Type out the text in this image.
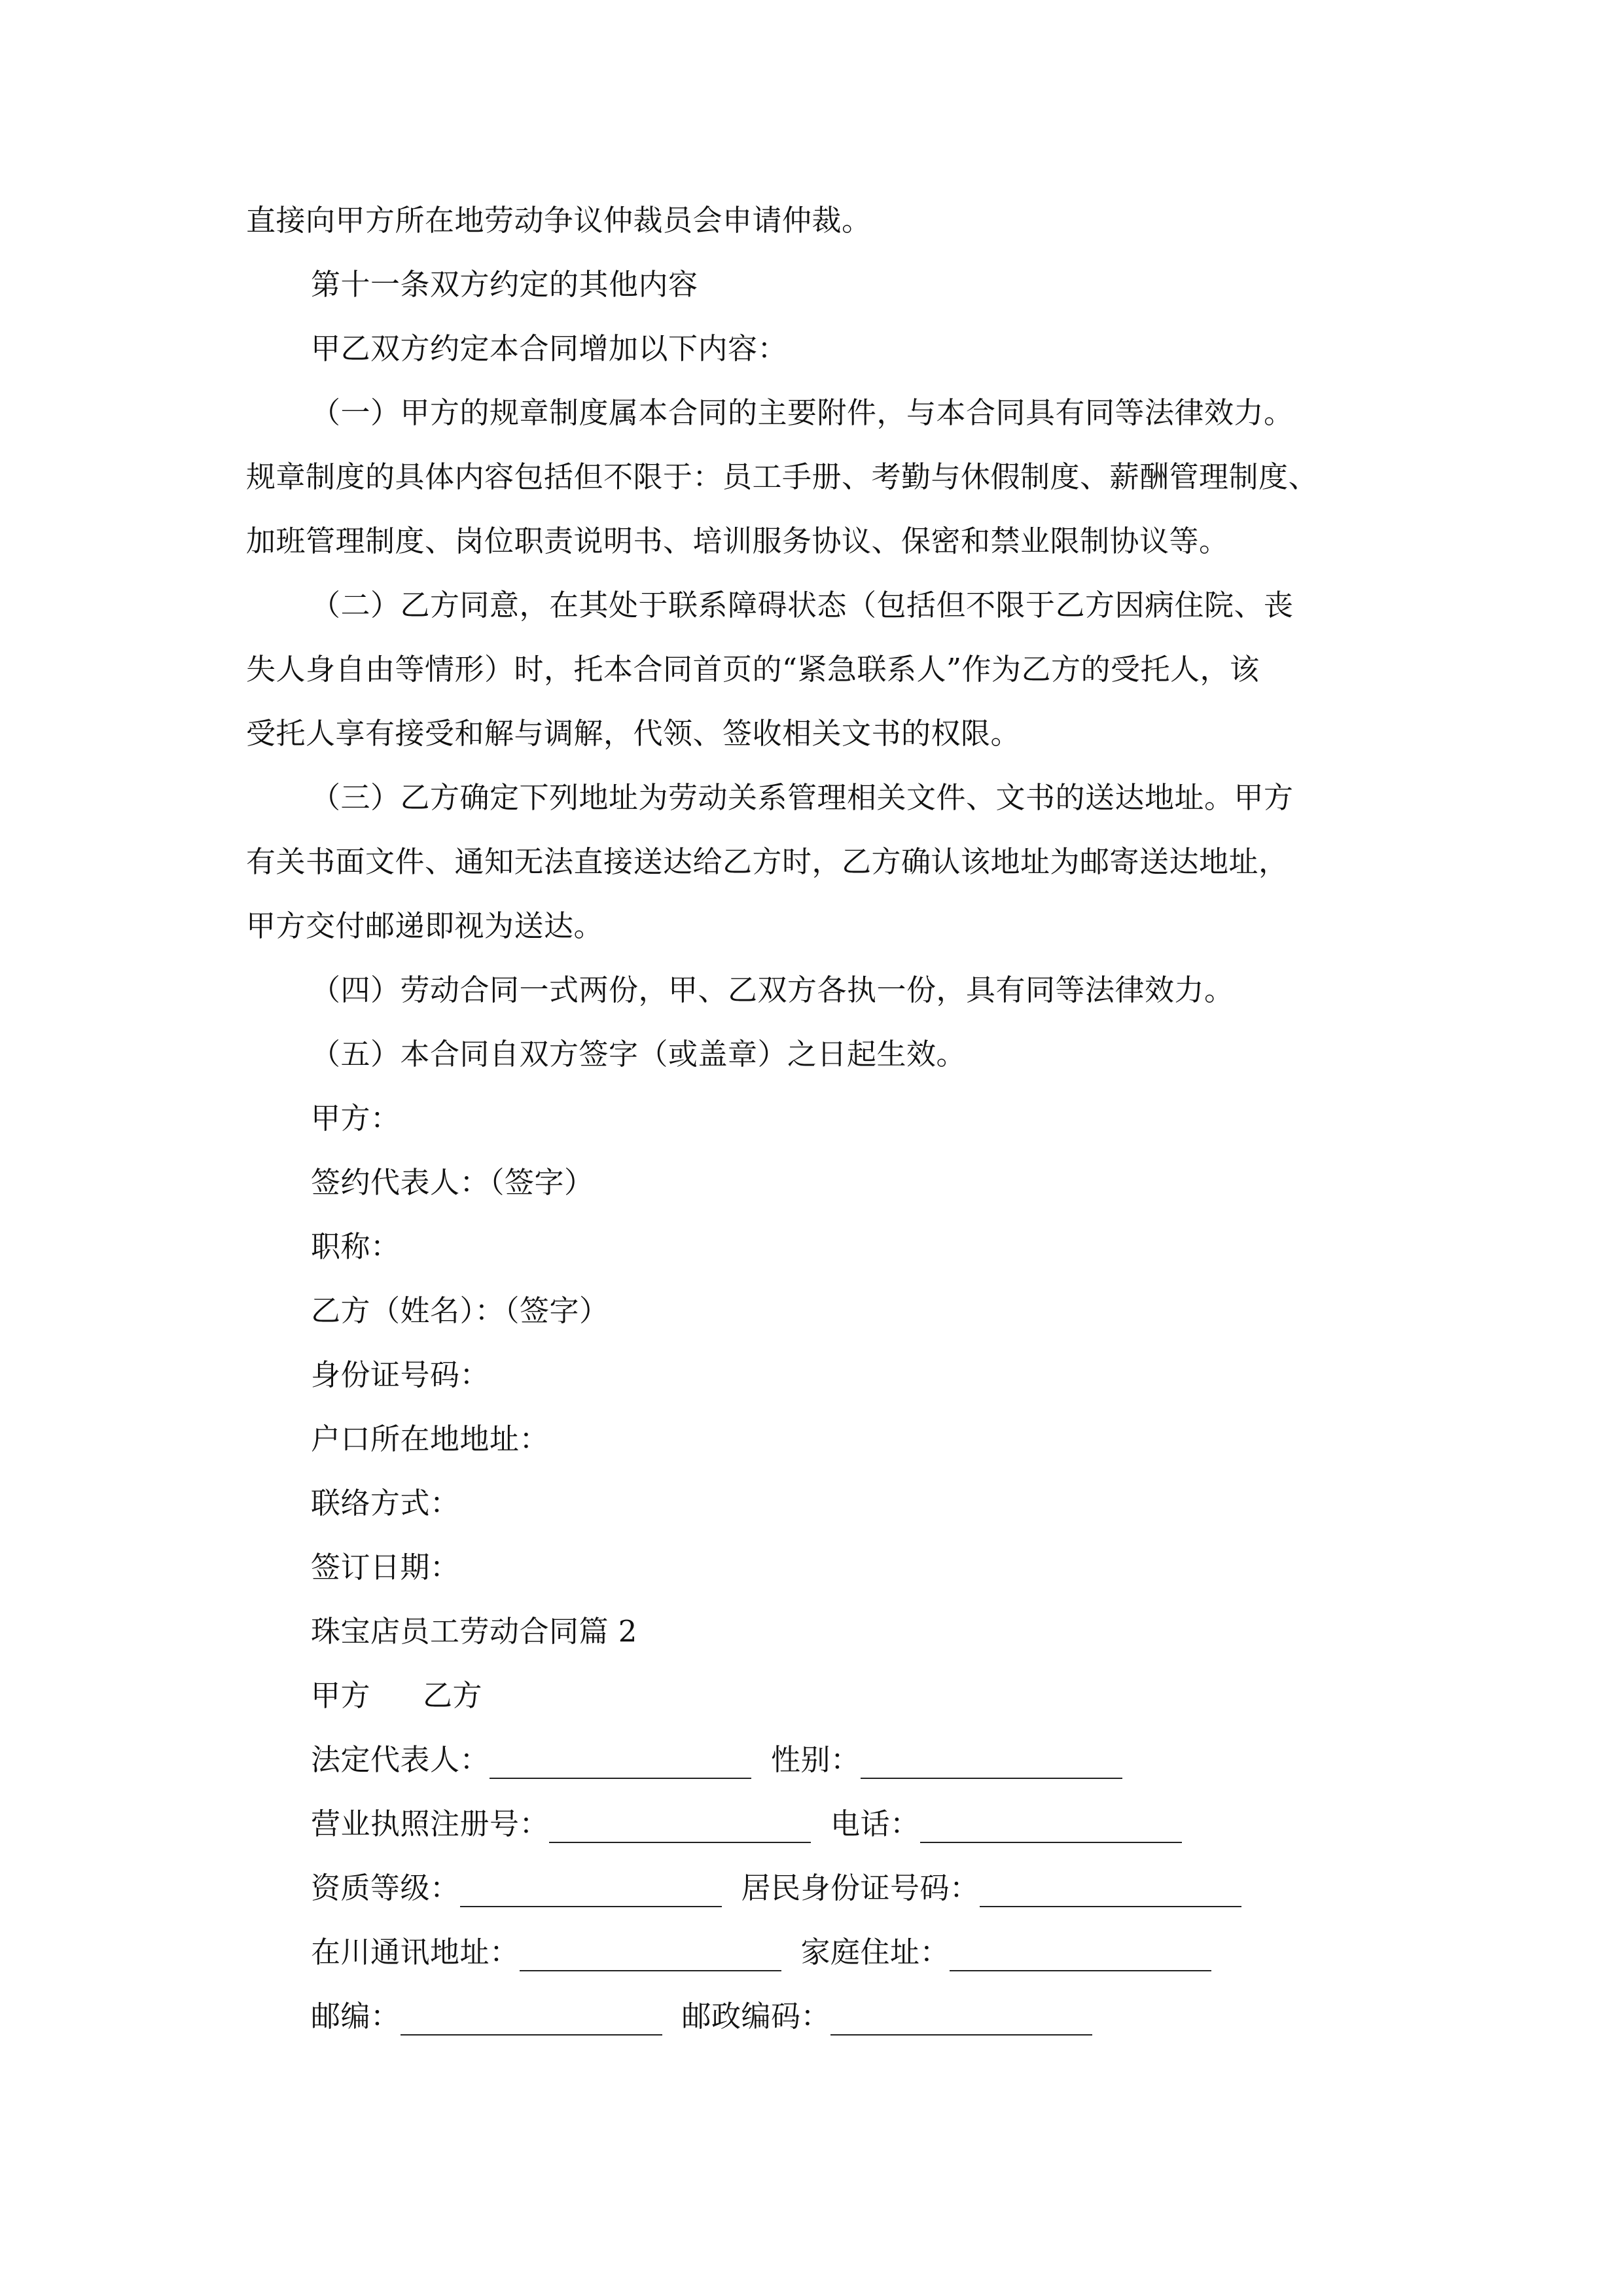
直接向甲方所在地劳动争议仲裁员会申请仲裁。

第十一条双方约定的其他内容

甲乙双方约定本合同增加以下内容：

（一）甲方的规章制度属本合同的主要附件，与本合同具有同等法律效力。
规章制度的具体内容包括但不限于：员工手册、考勤与休假制度、薪酬管理制度、
加班管理制度、岗位职责说明书、培训服务协议、保密和禁业限制协议等。

（二）乙方同意，在其处于联系障碍状态（包括但不限于乙方因病住院、丧
失人身自由等情形）时，托本合同首页的“紧急联系人”作为乙方的受托人，该
受托人享有接受和解与调解，代领、签收相关文书的权限。

（三）乙方确定下列地址为劳动关系管理相关文件、文书的送达地址。甲方
有关书面文件、通知无法直接送达给乙方时，乙方确认该地址为邮寄送达地址，
甲方交付邮递即视为送达。

（四）劳动合同一式两份，甲、乙双方各执一份，具有同等法律效力。

（五）本合同自双方签字（或盖章）之日起生效。

甲方：

签约代表人：（签字）

职称：

乙方（姓名）：（签字）

身份证号码：

户口所在地地址：

联络方式：

签订日期：

珠宝店员工劳动合同篇 2

甲方 乙方
法定代表人：	性别：
营业执照注册号：	电话：
资质等级：	居民身份证号码：
在川通讯地址：	家庭住址：
邮编：	邮政编码：
